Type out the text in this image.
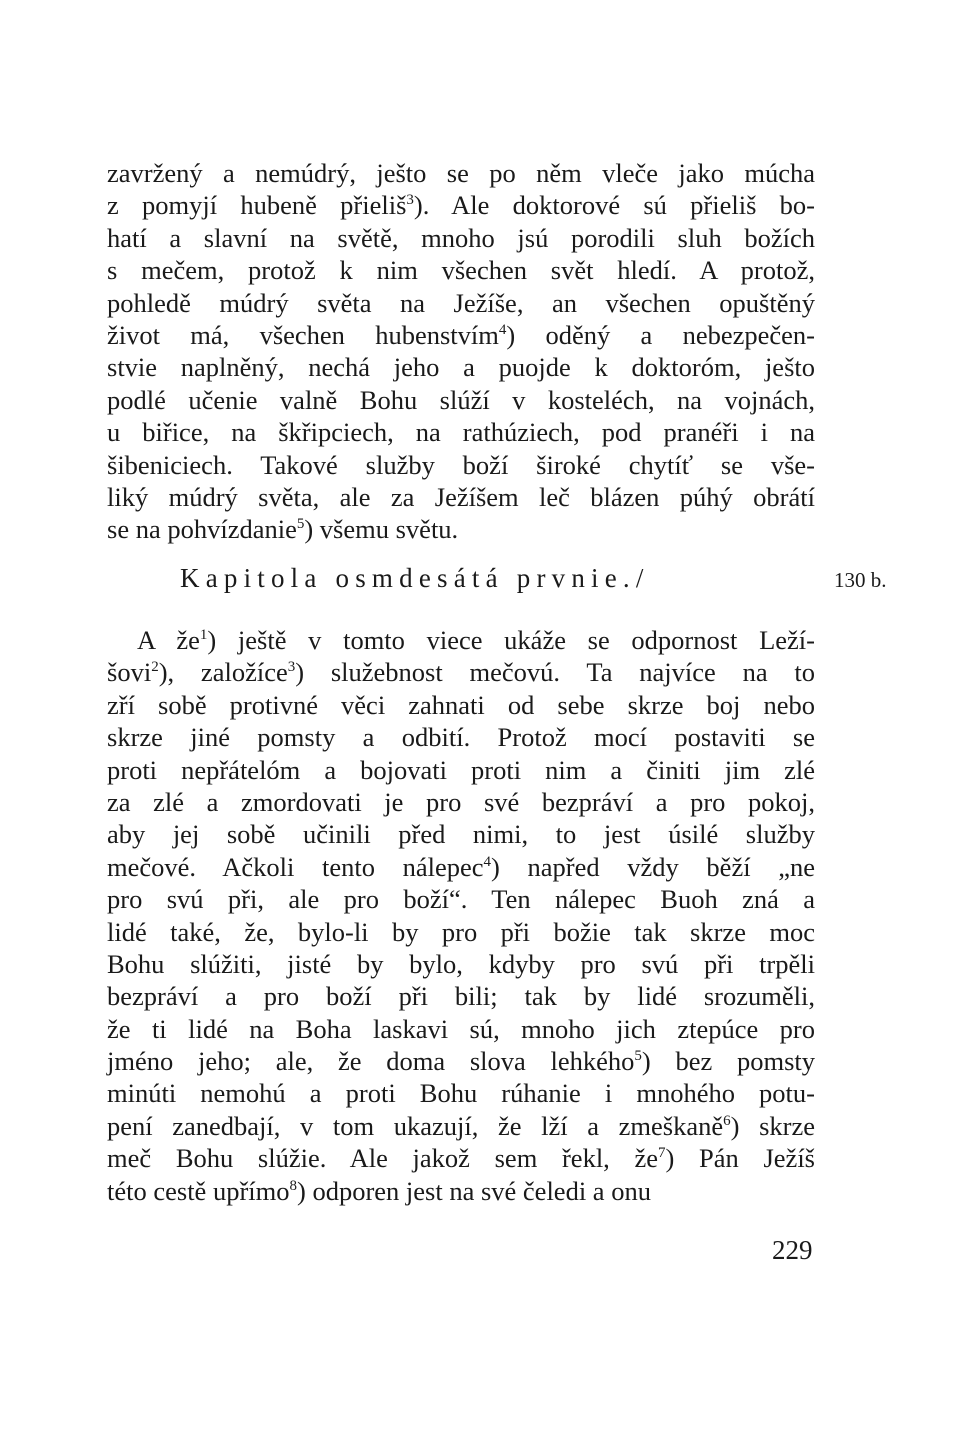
zavržený a nemúdrý, ješto se po něm vleče jako múcha
z pomyjí hubeně přieliš$^3$). Ale doktorové sú přieliš bo-
hatí a slavní na světě, mnoho jsú porodili sluh božích
s mečem, protož k nim všechen svět hledí. A protož,
pohledě múdrý světa na Ježíše, an všechen opuštěný
život má, všechen hubenstvím$^4$) oděný a nebezpečen-
stvie naplněný, nechá jeho a puojde k doktoróm, ješto
podlé učenie valně Bohu slúží v kosteléch, na vojnách,
u biřice, na škřipciech, na rathúziech, pod pranéři i na
šibeniciech. Takové služby boží široké chytíť se vše-
liký múdrý světa, ale za Ježíšem leč blázen púhý obrátí
se na pohvízdanie$^5$) všemu světu.
Kapitola osmdesátá prvnie./	130 b.
A $že^1$) ještě v tomto viece ukáže se odpornost Leží-
šovi$^2$), založíce$^3$) služebnost mečovú. Ta najvíce na to
zří sobě protivné věci zahnati od sebe skrze boj nebo
skrze jiné pomsty a odbití. Protož mocí postaviti se
proti nepřátelóm a bojovati proti nim a činiti jim zlé
za zlé a zmordovati je pro své bezpráví a pro pokoj,
aby jej sobě učinili před nimi, to jest úsilé služby
mečové. Ačkoli tento nálepec$^4$) napřed vždy běží „ne
pro svú při, ale pro boží“. Ten nálepec Buoh zná a
lidé také, že, bylo-li by pro při božie tak skrze moc
Bohu slúžiti, jisté by bylo, kdyby pro svú při trpěli
bezpráví a pro boží při bili; tak by lidé srozuměli,
že ti lidé na Boha laskavi sú, mnoho jich ztepúce pro
jméno jeho; ale, že doma slova lehkého$^5$) bez pomsty
minúti nemohú a proti Bohu rúhanie i mnohého potu-
pení zanedbají, v tom ukazují, že lží a zmeškaně$^6$) skrze
meč Bohu slúžie. Ale jakož sem řekl, $že^7$) Pán Ježíš
této cestě upřímo$^8$) odporen jest na své čeledi a onu
229
